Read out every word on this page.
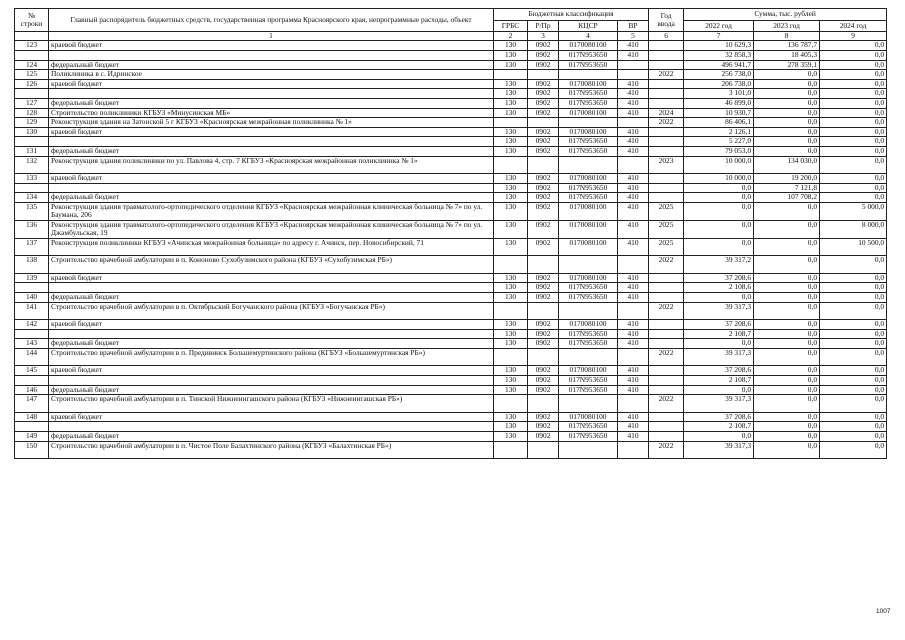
№ строки	Главный распорядитель бюджетных средств, государственная программа Красноярского края, непрограммные расходы, объект	Бюджетная классификация				Год ввода	Сумма, тыс. рублей		
		ГРБС	Р/Пр	КЦСР	ВР		2022 год	2023 год	2024 год
	1	2	3	4	5	6	7	8	9
123	краевой бюджет	130	0902	0170080100	410		10 629,3	136 787,7	0,0
		130	0902	017N953650	410		32 858,3	18 405,3	0,0
124	федеральный бюджет	130	0902	017N953650			496 941,7	278 359,1	0,0
125	Поликлиника в с. Идринское					2022	256 738,0	0,0	0,0
126	краевой бюджет	130	0902	0170080100	410		206 738,0	0,0	0,0
		130	0902	017N953650	410		3 101,0	0,0	0,0
127	федеральный бюджет	130	0902	017N953650	410		46 899,0	0,0	0,0
128	Строительство поликлиники КГБУЗ «Минусинская МБ»	130	0902	0170080100	410	2024	10 930,7	0,0	0,0
129	Реконструкция здания на Затонской 5 г КГБУЗ «Красноярская межрайонная поликлиника № 1»					2022	86 406,1	0,0	0,0
130	краевой бюджет	130	0902	0170080100	410		2 126,1	0,0	0,0
		130	0902	017N953650	410		5 227,0	0,0	0,0
131	федеральный бюджет	130	0902	017N953650	410		79 053,0	0,0	0,0
132	Реконструкция здания поликлиники по ул. Павлова 4, стр. 7 КГБУЗ «Красноярская межрайонная поликлиника № 1»					2023	10 000,0	134 030,0	0,0
133	краевой бюджет	130	0902	0170080100	410		10 000,0	19 200,0	0,0
		130	0902	017N953650	410		0,0	7 121,8	0,0
134	федеральный бюджет	130	0902	017N953650	410		0,0	107 708,2	0,0
135	Реконструкция здания травматолого-ортопедического отделения КГБУЗ «Красноярская межрайонная клиническая больница № 7» по ул. Баумана, 206	130	0902	0170080100	410	2025	0,0	0,0	5 000,0
136	Реконструкция здания травматолого-ортопедического отделения КГБУЗ «Красноярская межрайонная клиническая больница № 7» по ул. Джамбульская, 19	130	0902	0170080100	410	2025	0,0	0,0	8 000,0
137	Реконструкция поликлиники КГБУЗ «Ачинская межрайонная больница» по адресу г. Ачинск, пер. Новосибирский, 71	130	0902	0170080100	410	2025	0,0	0,0	10 500,0
138	Строительство врачебной амбулатории в п. Кононово Сухобузимского района (КГБУЗ «Сухобузимская РБ»)					2022	39 317,2	0,0	0,0
139	краевой бюджет	130	0902	0170080100	410		37 208,6	0,0	0,0
		130	0902	017N953650	410		2 108,6	0,0	0,0
140	федеральный бюджет	130	0902	017N953650	410		0,0	0,0	0,0
141	Строительство врачебной амбулатории в п. Октябрьский Богучанского района (КГБУЗ «Богучанская РБ»)					2022	39 317,3	0,0	0,0
142	краевой бюджет	130	0902	0170080100	410		37 208,6	0,0	0,0
		130	0902	017N953650	410		2 108,7	0,0	0,0
143	федеральный бюджет	130	0902	017N953650	410		0,0	0,0	0,0
144	Строительство врачебной амбулатории в п. Предивинск Большемуртинского района (КГБУЗ «Большемуртинская РБ»)					2022	39 317,3	0,0	0,0
145	краевой бюджет	130	0902	0170080100	410		37 208,6	0,0	0,0
		130	0902	017N953650	410		2 108,7	0,0	0,0
146	федеральный бюджет	130	0902	017N953650	410		0,0	0,0	0,0
147	Строительство врачебной амбулатории в п. Тинской Нижнеингашского района (КГБУЗ «Нижнеингашская РБ»)					2022	39 317,3	0,0	0,0
148	краевой бюджет	130	0902	0170080100	410		37 208,6	0,0	0,0
		130	0902	017N953650	410		2 108,7	0,0	0,0
149	федеральный бюджет	130	0902	017N953650	410		0,0	0,0	0,0
150	Строительство врачебной амбулатории в п. Чистое Поле Балахтинского района (КГБУЗ «Балахтинская РБ»)					2022	39 317,3	0,0	0,0
1007
